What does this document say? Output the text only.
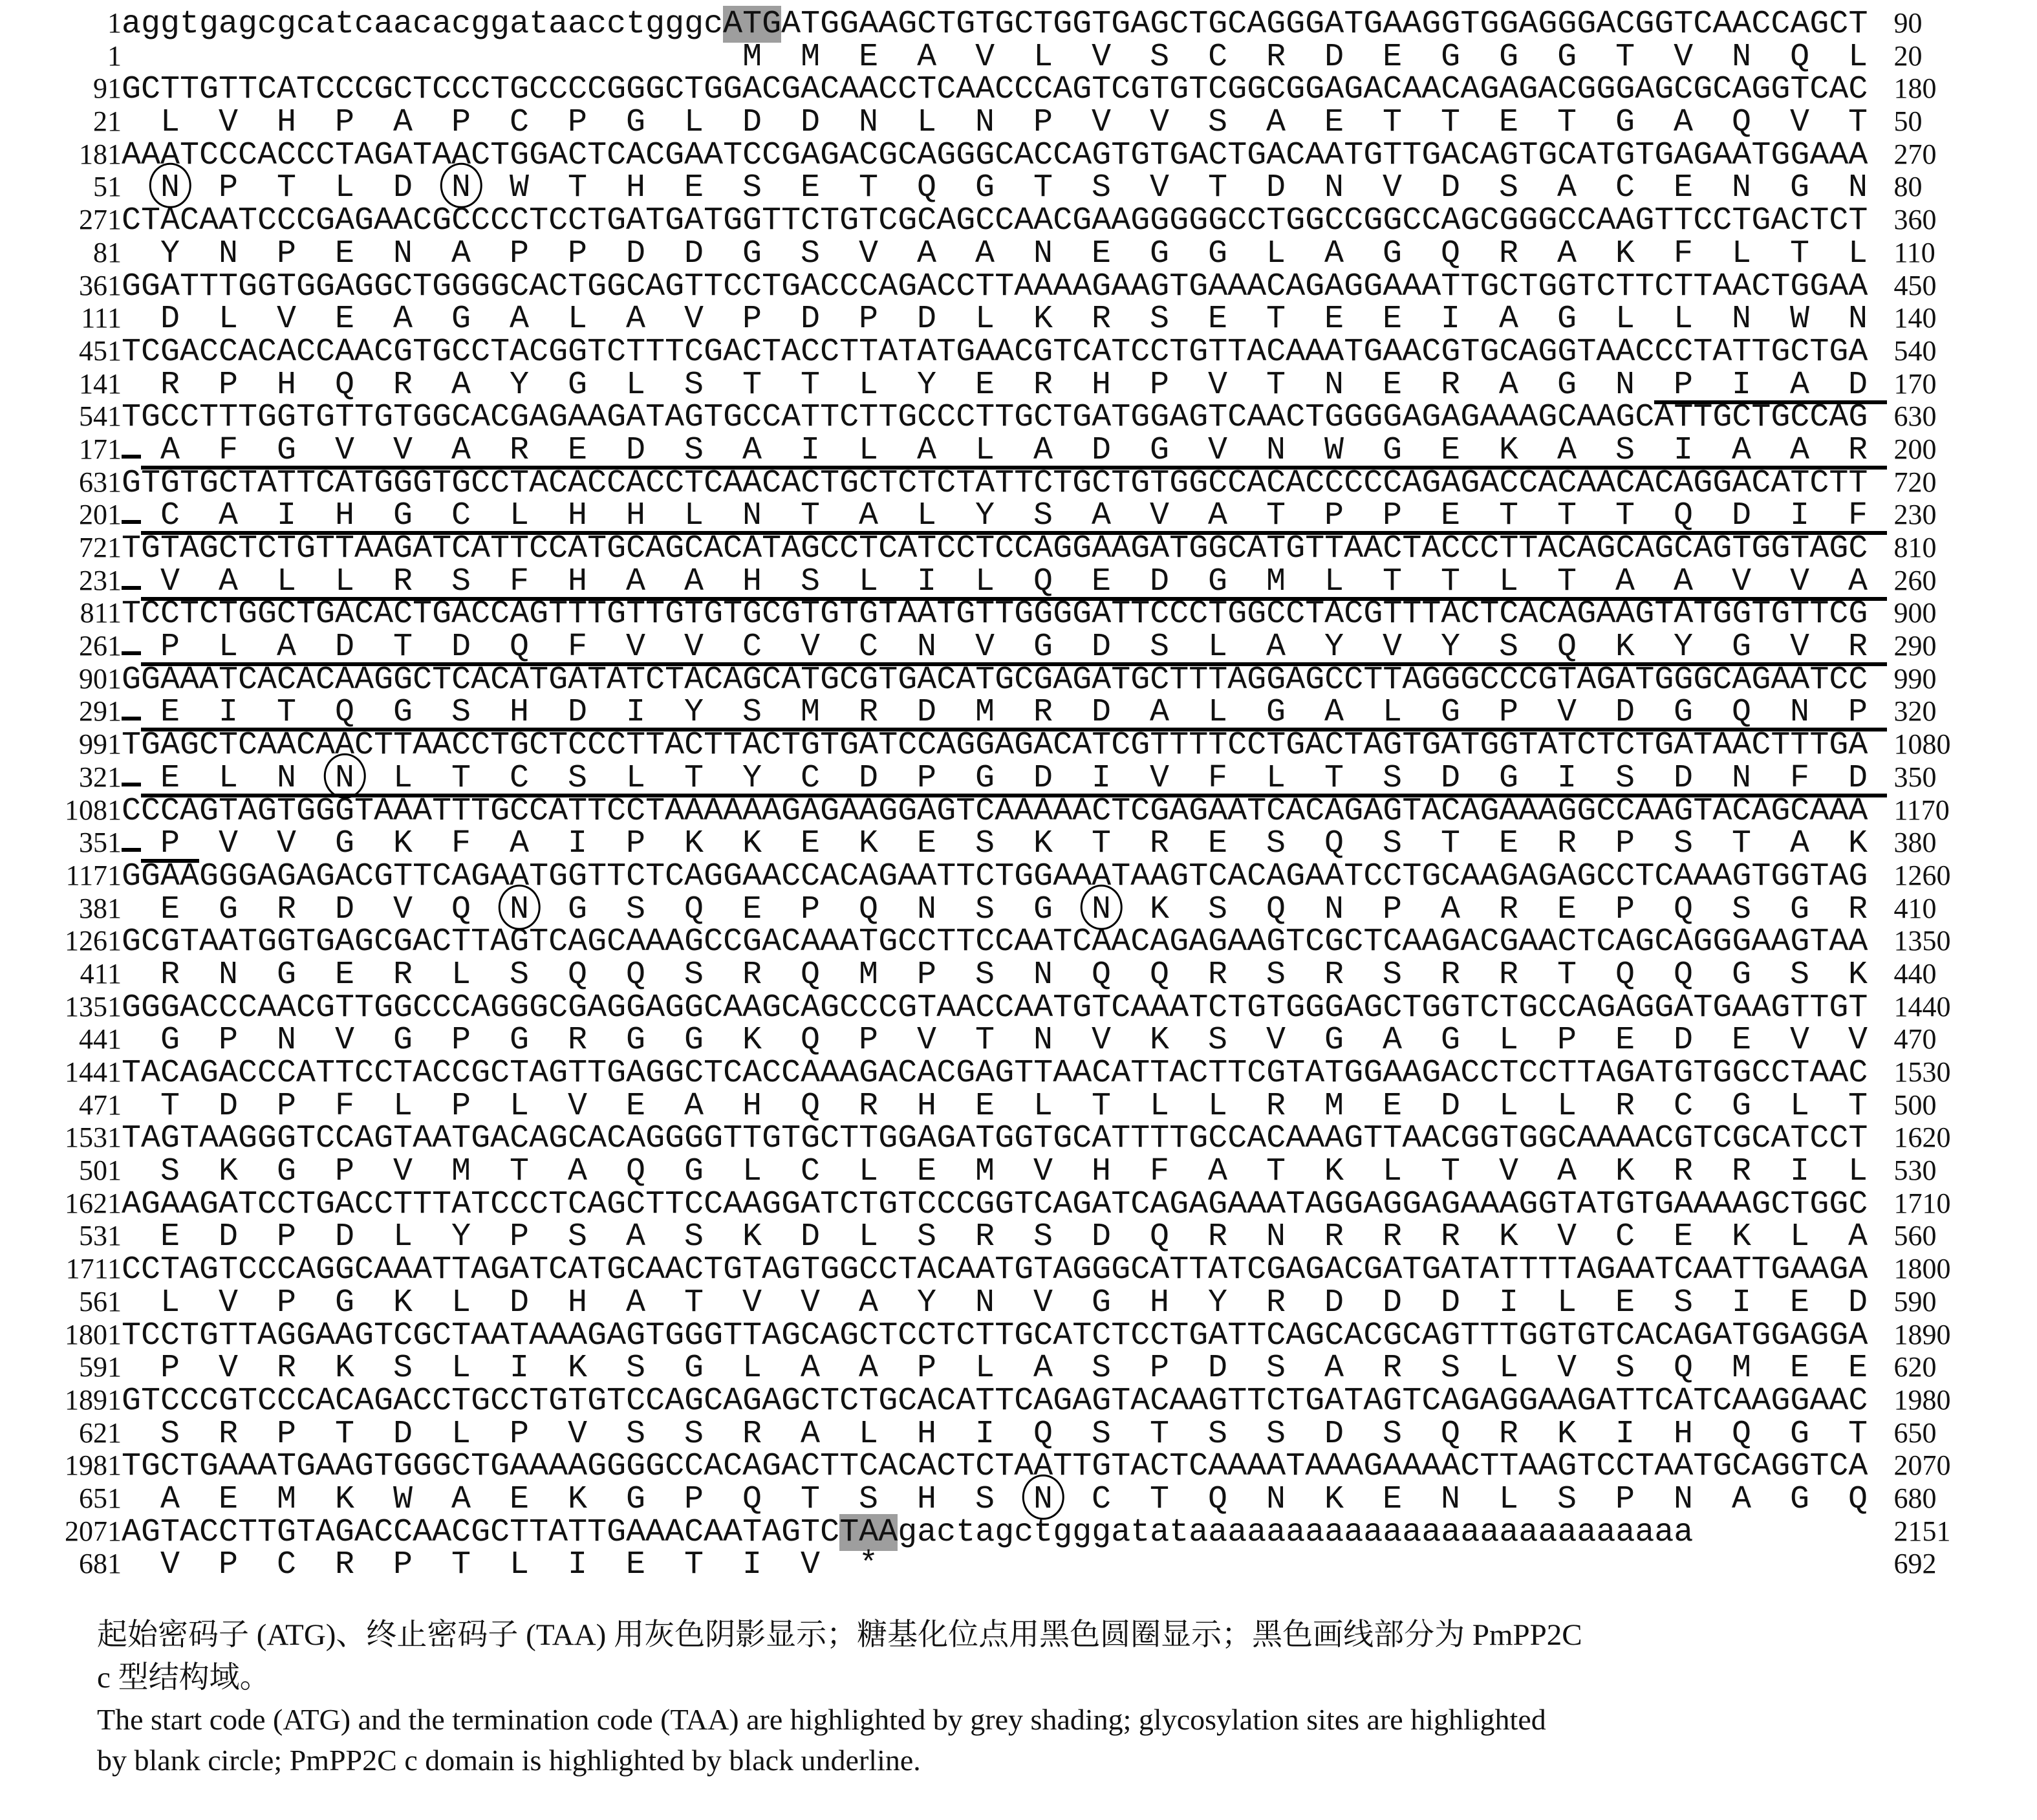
1 aggtgagcgcatcaacacggataacctgggcATGATGGAAGCTGTGCTGGTGAGCTGCAGGGATGAAGGTGGAGGGACGGTCAACCAGCT 90
1	M M E A V L V S C R D E G G G T V N Q L 20
91 GCTTGTTCATCCCGCTCCCTGCCCCGGGCTGGACGACAACCTCAACCCAGTCGTGTCGGCGGAGACAACAGAGACGGGAGCGCAGGTCAC 180
21	L V H P A P C P G L D D N L N P V V S A E T T E T G A Q V T 50
181 AAATCCCACCCTAGATAACTGGACTCACGAATCCGAGACGCAGGGCACCAGTGTGACTGACAATGTTGACAGTGCATGTGAGAATGGAAA 270
51	N P T L D N W T H E S E T Q G T S V T D N V D S A C E N G N 80
271 CTACAATCCCGAGAACGCCCCTCCTGATGATGGTTCTGTCGCAGCCAACGAAGGGGGCCTGGCCGGCCAGCGGGCCAAGTTCCTGACTCT 360
81	Y N P E N A P P D D G S V A A N E G G L A G Q R A K F L T L 110
361 GGATTTGGTGGAGGCTGGGGCACTGGCAGTTCCTGACCCAGACCTTAAAAGAAGTGAAACAGAGGAAATTGCTGGTCTTCTTAACTGGAA 450
111	D L V E A G A L A V P D P D L K R S E T E E I A G L L N W N 140
451 TCGACCACACCAACGTGCCTACGGTCTTTCGACTACCTTATATGAACGTCATCCTGTTACAAATGAACGTGCAGGTAACCCTATTGCTGA 540
141	R P H Q R A Y G L S T T L Y E R H P V T N E R A G N P I A D 170
541 TGCCTTTGGTGTTGTGGCACGAGAAGATAGTGCCATTCTTGCCCTTGCTGATGGAGTCAACTGGGGAGAGAAAGCAAGCATTGCTGCCAG 630
171	A F G V V A R E D S A I L A L A D G V N W G E K A S I A A R 200
631 GTGTGCTATTCATGGGTGCCTACACCACCTCAACACTGCTCTCTATTCTGCTGTGGCCACACCCCCAGAGACCACAACACAGGACATCTT 720
201	C A I H G C L H H L N T A L Y S A V A T P P E T T T Q D I F 230
721 TGTAGCTCTGTTAAGATCATTCCATGCAGCACATAGCCTCATCCTCCAGGAAGATGGCATGTTAACTACCCTTACAGCAGCAGTGGTAGC 810
231	V A L L R S F H A A H S L I L Q E D G M L T T L T A A V V A 260
811 TCCTCTGGCTGACACTGACCAGTTTGTTGTGTGCGTGTGTAATGTTGGGGATTCCCTGGCCTACGTTTACTCACAGAAGTATGGTGTTCG 900
261	P L A D T D Q F V V C V C N V G D S L A Y V Y S Q K Y G V R 290
901 GGAAATCACACAAGGCTCACATGATATCTACAGCATGCGTGACATGCGAGATGCTTTAGGAGCCTTAGGGCCCGTAGATGGGCAGAATCC 990
291	E I T Q G S H D I Y S M R D M R D A L G A L G P V D G Q N P 320
991 TGAGCTCAACAACTTAACCTGCTCCCTTACTTACTGTGATCCAGGAGACATCGTTTTCCTGACTAGTGATGGTATCTCTGATAACTTTGA 1080
321	E L N N L T C S L T Y C D P G D I V F L T S D G I S D N F D 350
1081 CCCAGTAGTGGGTAAATTTGCCATTCCTAAAAAAGAGAAGGAGTCAAAAACTCGAGAATCACAGAGTACAGAAAGGCCAAGTACAGCAAA 1170
351	P V V G K F A I P K K E K E S K T R E S Q S T E R P S T A K 380
1171 GGAAGGGAGAGACGTTCAGAATGGTTCTCAGGAACCACAGAATTCTGGAAATAAGTCACAGAATCCTGCAAGAGAGCCTCAAAGTGGTAG 1260
381	E G R D V Q N G S Q E P Q N S G N K S Q N P A R E P Q S G R 410
1261 GCGTAATGGTGAGCGACTTAGTCAGCAAAGCCGACAAATGCCTTCCAATCAACAGAGAAGTCGCTCAAGACGAACTCAGCAGGGAAGTAA 1350
411	R N G E R L S Q Q S R Q M P S N Q Q R S R S R R T Q Q G S K 440
1351 GGGACCCAACGTTGGCCCAGGGCGAGGAGGCAAGCAGCCCGTAACCAATGTCAAATCTGTGGGAGCTGGTCTGCCAGAGGATGAAGTTGT 1440
441	G P N V G P G R G G K Q P V T N V K S V G A G L P E D E V V 470
1441 TACAGACCCATTCCTACCGCTAGTTGAGGCTCACCAAAGACACGAGTTAACATTACTTCGTATGGAAGACCTCCTTAGATGTGGCCTAAC 1530
471	T D P F L P L V E A H Q R H E L T L L R M E D L L R C G L T 500
1531 TAGTAAGGGTCCAGTAATGACAGCACAGGGGTTGTGCTTGGAGATGGTGCATTTTGCCACAAAGTTAACGGTGGCAAAACGTCGCATCCT 1620
501	S K G P V M T A Q G L C L E M V H F A T K L T V A K R R I L 530
1621 AGAAGATCCTGACCTTTATCCCTCAGCTTCCAAGGATCTGTCCCGGTCAGATCAGAGAAATAGGAGGAGAAAGGTATGTGAAAAGCTGGC 1710
531	E D P D L Y P S A S K D L S R S D Q R N R R R K V C E K L A 560
1711 CCTAGTCCCAGGCAAATTAGATCATGCAACTGTAGTGGCCTACAATGTAGGGCATTATCGAGACGATGATATTTTAGAATCAATTGAAGA 1800
561	L V P G K L D H A T V V A Y N V G H Y R D D D I L E S I E D 590
1801 TCCTGTTAGGAAGTCGCTAATAAAGAGTGGGTTAGCAGCTCCTCTTGCATCTCCTGATTCAGCACGCAGTTTGGTGTCACAGATGGAGGA 1890
591	P V R K S L I K S G L A A P L A S P D S A R S L V S Q M E E 620
1891 GTCCCGTCCCACAGACCTGCCTGTGTCCAGCAGAGCTCTGCACATTCAGAGTACAAGTTCTGATAGTCAGAGGAAGATTCATCAAGGAAC 1980
621	S R P T D L P V S S R A L H I Q S T S S D S Q R K I H Q G T 650
1981 TGCTGAAATGAAGTGGGCTGAAAAGGGGCCACAGACTTCACACTCTAATTGTACTCAAAATAAAGAAAACTTAAGTCCTAATGCAGGTCA 2070
651	A E M K W A E K G P Q T S H S N C T Q N K E N L S P N A G Q 680
2071 AGTACCTTGTAGACCAACGCTTATTGAAACAATAGTCTAAgactagctgggatataaaaaaaaaaaaaaaaaaaaaaaaaa	2151
681	V P C R P T L I E T I V *	692
起始密码子 (ATG)、终止密码子 (TAA) 用灰色阴影显示；糖基化位点用黑色圆圈显示；黑色画线部分为 PmPP2C
c 型结构域。
The start code (ATG) and the termination code (TAA) are highlighted by grey shading; glycosylation sites are highlighted
by blank circle; PmPP2C c domain is highlighted by black underline.
